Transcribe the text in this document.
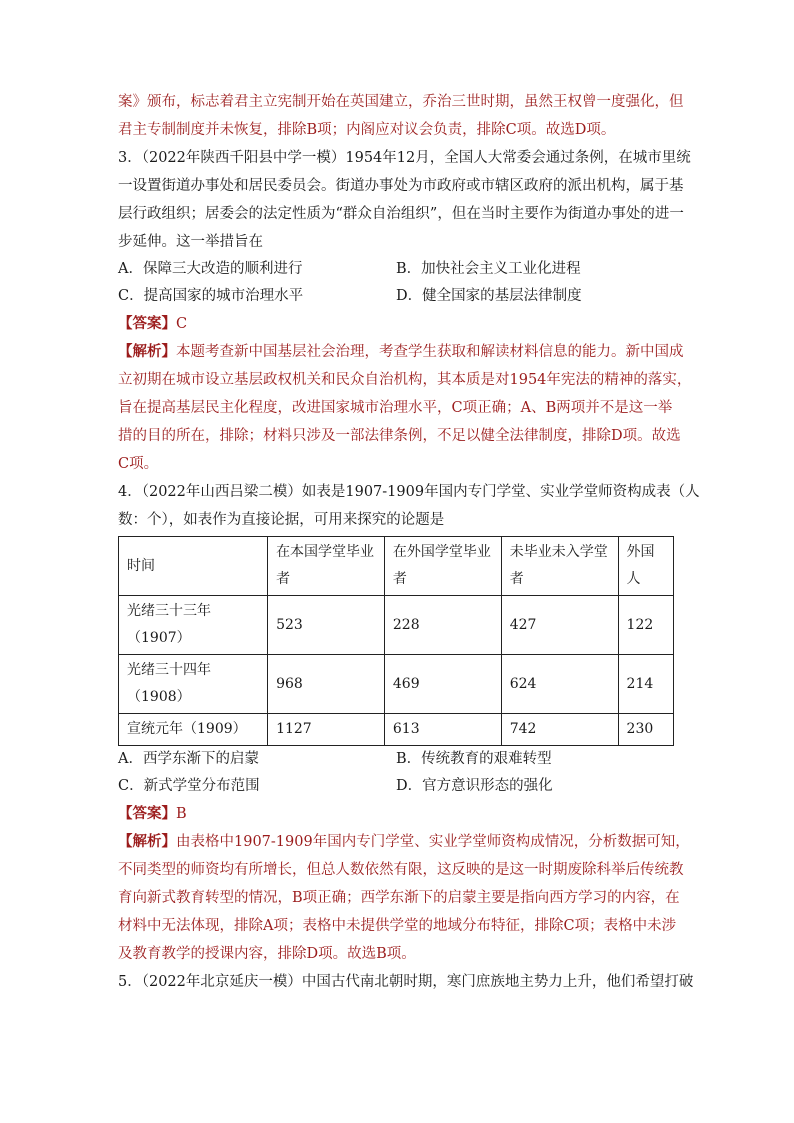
案》颁布，标志着君主立宪制开始在英国建立，乔治三世时期，虽然王权曾一度强化，但
君主专制制度并未恢复，排除B项；内阁应对议会负责，排除C项。故选D项。
3．（2022年陕西千阳县中学一模）1954年12月，全国人大常委会通过条例，在城市里统
一设置街道办事处和居民委员会。街道办事处为市政府或市辖区政府的派出机构，属于基
层行政组织；居委会的法定性质为“群众自治组织”，但在当时主要作为街道办事处的进一
步延伸。这一举措旨在
A．保障三大改造的顺利进行	B．加快社会主义工业化进程
C．提高国家的城市治理水平	D．健全国家的基层法律制度
【答案】C
【解析】本题考查新中国基层社会治理，考查学生获取和解读材料信息的能力。新中国成
立初期在城市设立基层政权机关和民众自治机构，其本质是对1954年宪法的精神的落实，
旨在提高基层民主化程度，改进国家城市治理水平，C项正确；A、B两项并不是这一举
措的目的所在，排除；材料只涉及一部法律条例，不足以健全法律制度，排除D项。故选
C项。
4．（2022年山西吕梁二模）如表是1907-1909年国内专门学堂、实业学堂师资构成表（人
数：个），如表作为直接论据，可用来探究的论题是
时间	在本国学堂毕业者	在外国学堂毕业者	未毕业未入学堂者	外国人
光绪三十三年（1907）	523	228	427	122
光绪三十四年（1908）	968	469	624	214
宣统元年（1909）	1127	613	742	230
A．西学东渐下的启蒙	B．传统教育的艰难转型
C．新式学堂分布范围	D．官方意识形态的强化
【答案】B
【解析】由表格中1907-1909年国内专门学堂、实业学堂师资构成情况，分析数据可知，
不同类型的师资均有所增长，但总人数依然有限，这反映的是这一时期废除科举后传统教
育向新式教育转型的情况，B项正确；西学东渐下的启蒙主要是指向西方学习的内容，在
材料中无法体现，排除A项；表格中未提供学堂的地域分布特征，排除C项；表格中未涉
及教育教学的授课内容，排除D项。故选B项。
5．（2022年北京延庆一模）中国古代南北朝时期，寒门庶族地主势力上升，他们希望打破
